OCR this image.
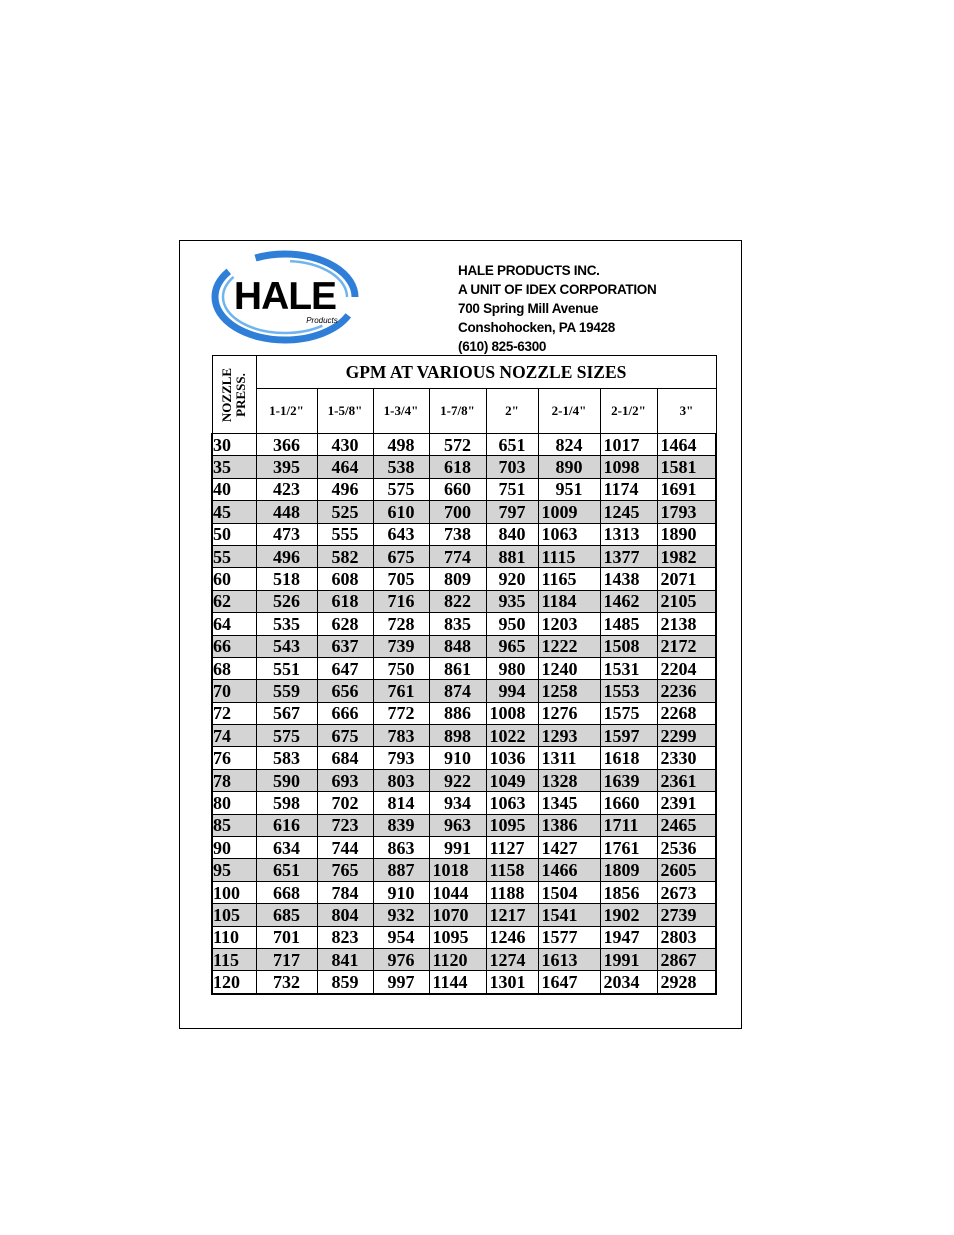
HALE
Products
HALE PRODUCTS INC.
A UNIT OF IDEX CORPORATION
700 Spring Mill Avenue
Conshohocken, PA 19428
(610) 825-6300
NOZZLE PRESS.	GPM AT VARIOUS NOZZLE SIZES							
	1-1/2"	1-5/8"	1-3/4"	1-7/8"	2"	2-1/4"	2-1/2"	3"
30	366	430	498	572	651	824	1017	1464
35	395	464	538	618	703	890	1098	1581
40	423	496	575	660	751	951	1174	1691
45	448	525	610	700	797	1009	1245	1793
50	473	555	643	738	840	1063	1313	1890
55	496	582	675	774	881	1115	1377	1982
60	518	608	705	809	920	1165	1438	2071
62	526	618	716	822	935	1184	1462	2105
64	535	628	728	835	950	1203	1485	2138
66	543	637	739	848	965	1222	1508	2172
68	551	647	750	861	980	1240	1531	2204
70	559	656	761	874	994	1258	1553	2236
72	567	666	772	886	1008	1276	1575	2268
74	575	675	783	898	1022	1293	1597	2299
76	583	684	793	910	1036	1311	1618	2330
78	590	693	803	922	1049	1328	1639	2361
80	598	702	814	934	1063	1345	1660	2391
85	616	723	839	963	1095	1386	1711	2465
90	634	744	863	991	1127	1427	1761	2536
95	651	765	887	1018	1158	1466	1809	2605
100	668	784	910	1044	1188	1504	1856	2673
105	685	804	932	1070	1217	1541	1902	2739
110	701	823	954	1095	1246	1577	1947	2803
115	717	841	976	1120	1274	1613	1991	2867
120	732	859	997	1144	1301	1647	2034	2928
